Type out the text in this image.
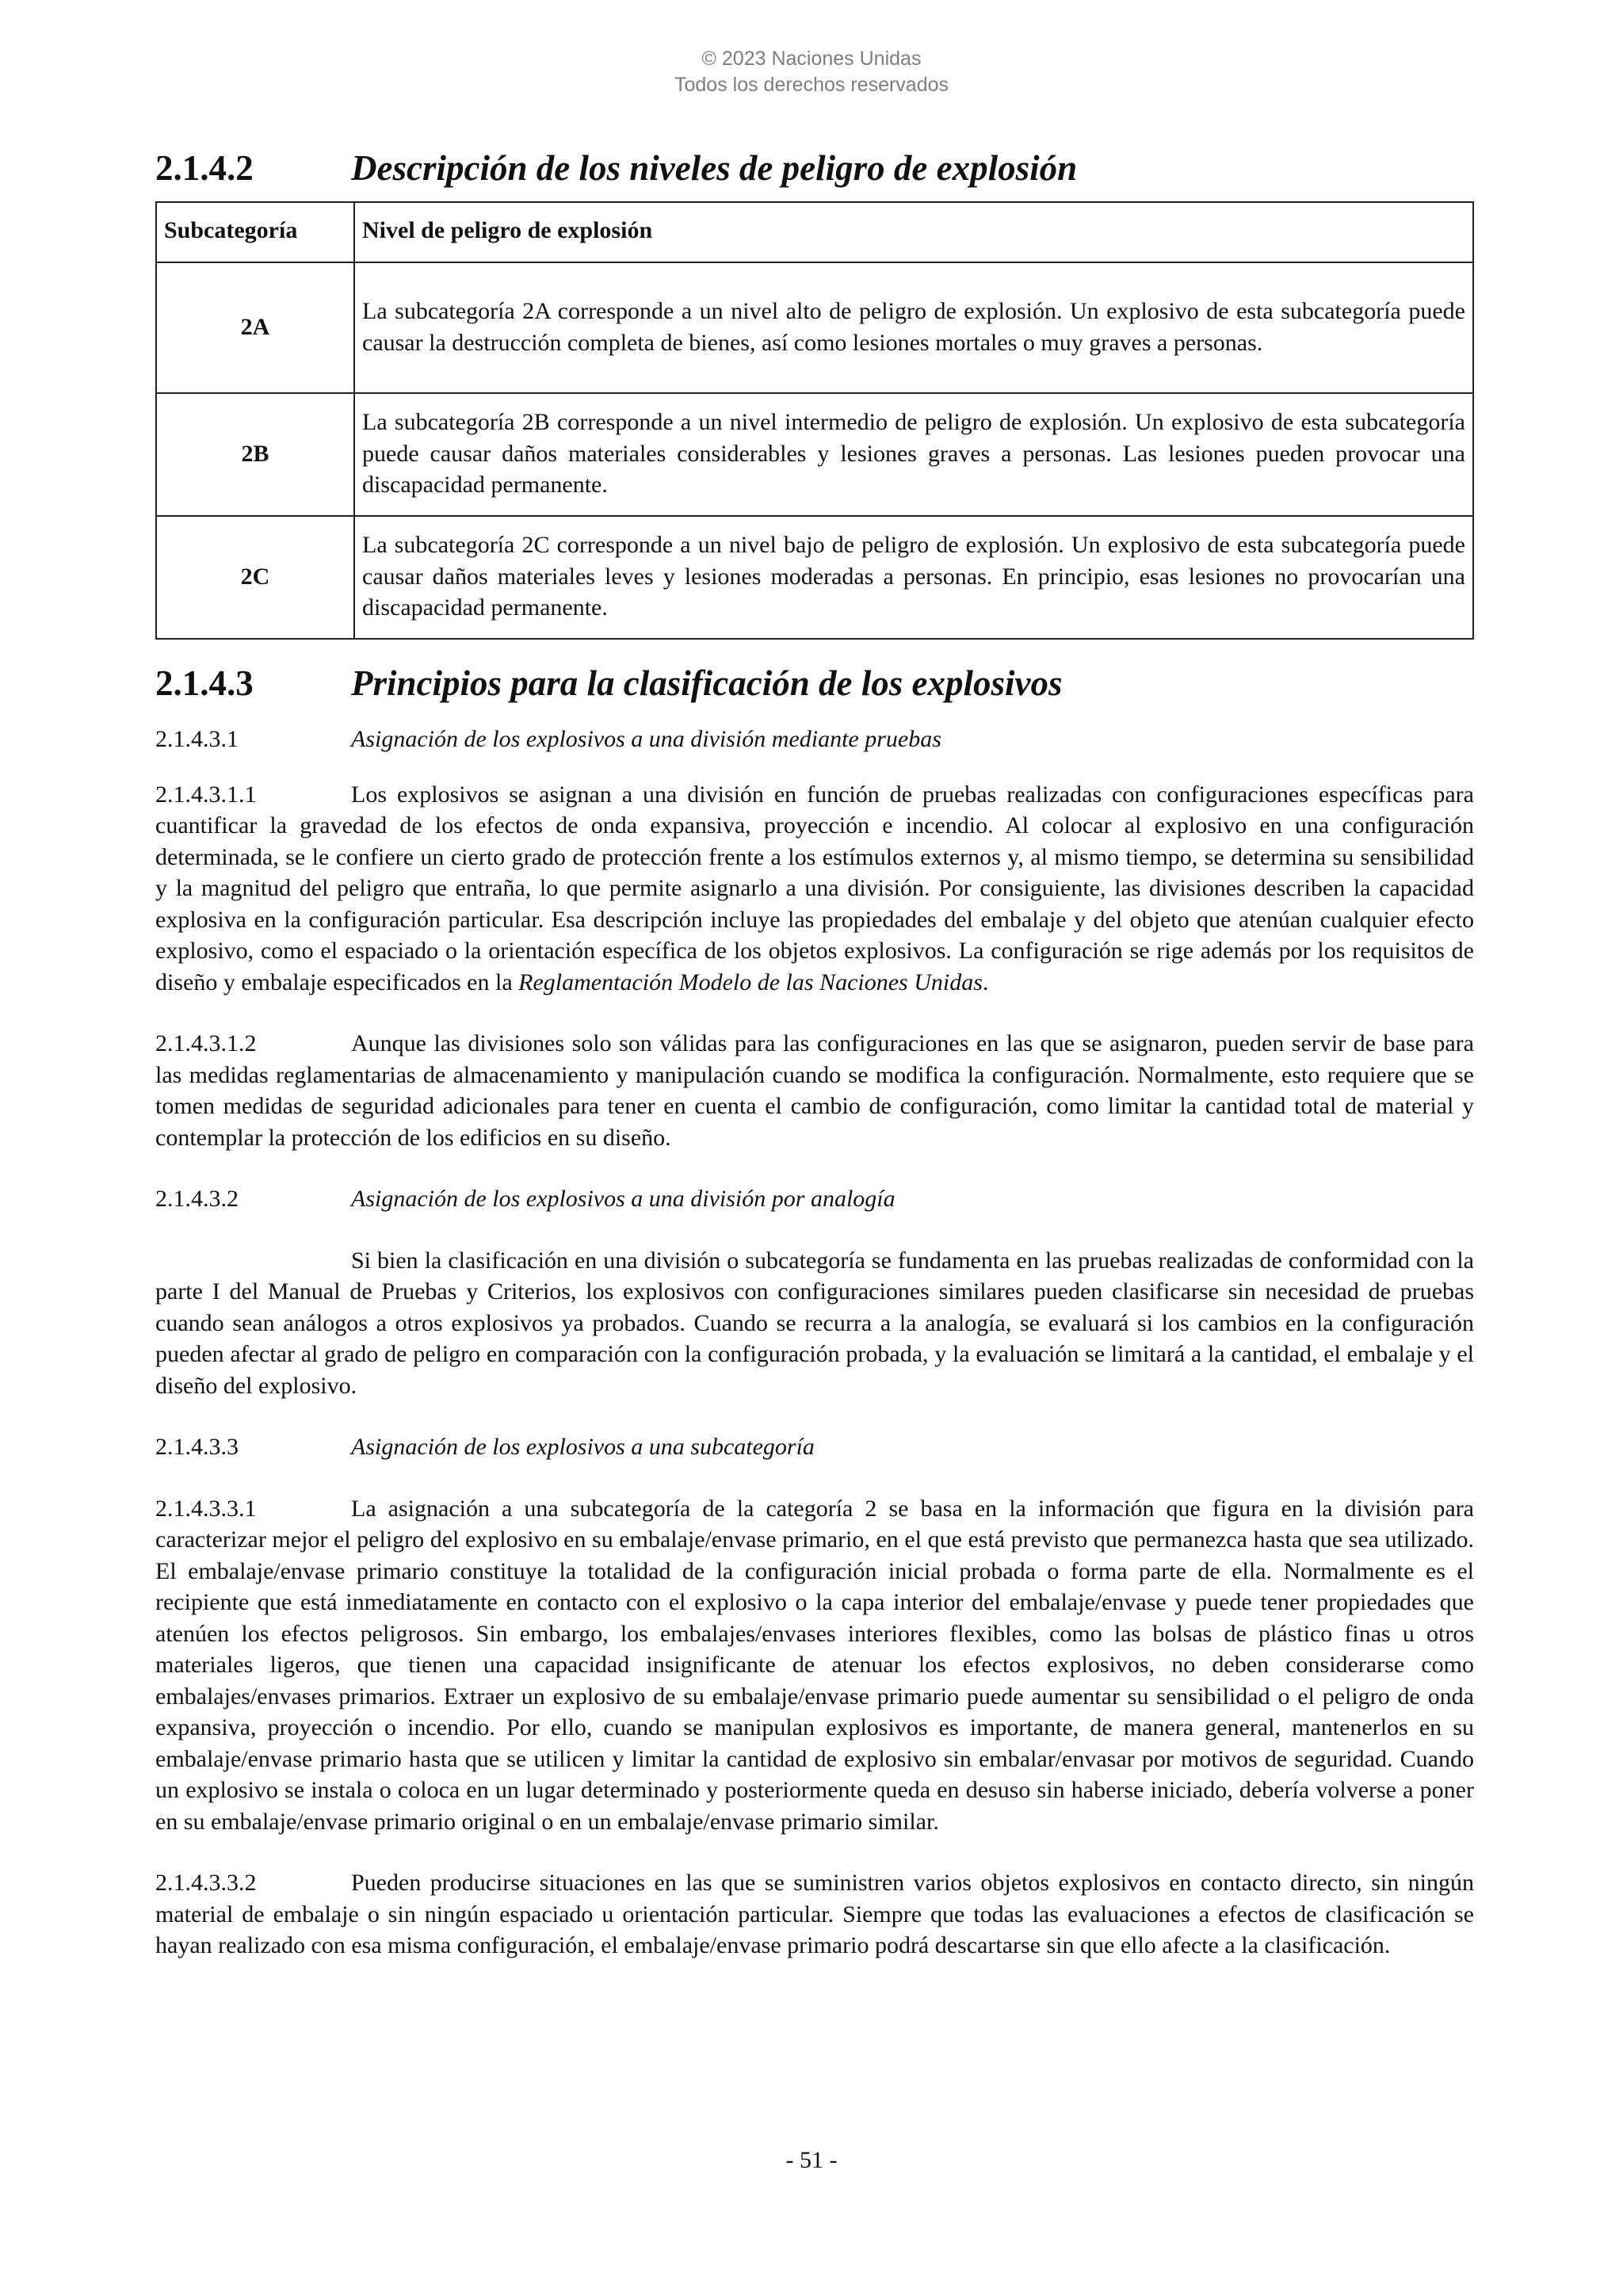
© 2023 Naciones Unidas
Todos los derechos reservados
2.1.4.2	Descripción de los niveles de peligro de explosión
Subcategoría	Nivel de peligro de explosión
2A	La subcategoría 2A corresponde a un nivel alto de peligro de explosión. Un explosivo de esta subcategoría puede causar la destrucción completa de bienes, así como lesiones mortales o muy graves a personas.
2B	La subcategoría 2B corresponde a un nivel intermedio de peligro de explosión. Un explosivo de esta subcategoría puede causar daños materiales considerables y lesiones graves a personas. Las lesiones pueden provocar una discapacidad permanente.
2C	La subcategoría 2C corresponde a un nivel bajo de peligro de explosión. Un explosivo de esta subcategoría puede causar daños materiales leves y lesiones moderadas a personas. En principio, esas lesiones no provocarían una discapacidad permanente.
2.1.4.3	Principios para la clasificación de los explosivos
2.1.4.3.1	Asignación de los explosivos a una división mediante pruebas

2.1.4.3.1.1	Los explosivos se asignan a una división en función de pruebas realizadas con configuraciones específicas para cuantificar la gravedad de los efectos de onda expansiva, proyección e incendio. Al colocar al explosivo en una configuración determinada, se le confiere un cierto grado de protección frente a los estímulos externos y, al mismo tiempo, se determina su sensibilidad y la magnitud del peligro que entraña, lo que permite asignarlo a una división. Por consiguiente, las divisiones describen la capacidad explosiva en la configuración particular. Esa descripción incluye las propiedades del embalaje y del objeto que atenúan cualquier efecto explosivo, como el espaciado o la orientación específica de los objetos explosivos. La configuración se rige además por los requisitos de diseño y embalaje especificados en la Reglamentación Modelo de las Naciones Unidas.

2.1.4.3.1.2	Aunque las divisiones solo son válidas para las configuraciones en las que se asignaron, pueden servir de base para las medidas reglamentarias de almacenamiento y manipulación cuando se modifica la configuración. Normalmente, esto requiere que se tomen medidas de seguridad adicionales para tener en cuenta el cambio de configuración, como limitar la cantidad total de material y contemplar la protección de los edificios en su diseño.

2.1.4.3.2	Asignación de los explosivos a una división por analogía

Si bien la clasificación en una división o subcategoría se fundamenta en las pruebas realizadas de conformidad con la parte I del Manual de Pruebas y Criterios, los explosivos con configuraciones similares pueden clasificarse sin necesidad de pruebas cuando sean análogos a otros explosivos ya probados. Cuando se recurra a la analogía, se evaluará si los cambios en la configuración pueden afectar al grado de peligro en comparación con la configuración probada, y la evaluación se limitará a la cantidad, el embalaje y el diseño del explosivo.

2.1.4.3.3	Asignación de los explosivos a una subcategoría

2.1.4.3.3.1	La asignación a una subcategoría de la categoría 2 se basa en la información que figura en la división para caracterizar mejor el peligro del explosivo en su embalaje/envase primario, en el que está previsto que permanezca hasta que sea utilizado. El embalaje/envase primario constituye la totalidad de la configuración inicial probada o forma parte de ella. Normalmente es el recipiente que está inmediatamente en contacto con el explosivo o la capa interior del embalaje/envase y puede tener propiedades que atenúen los efectos peligrosos. Sin embargo, los embalajes/envases interiores flexibles, como las bolsas de plástico finas u otros materiales ligeros, que tienen una capacidad insignificante de atenuar los efectos explosivos, no deben considerarse como embalajes/envases primarios. Extraer un explosivo de su embalaje/envase primario puede aumentar su sensibilidad o el peligro de onda expansiva, proyección o incendio. Por ello, cuando se manipulan explosivos es importante, de manera general, mantenerlos en su embalaje/envase primario hasta que se utilicen y limitar la cantidad de explosivo sin embalar/envasar por motivos de seguridad. Cuando un explosivo se instala o coloca en un lugar determinado y posteriormente queda en desuso sin haberse iniciado, debería volverse a poner en su embalaje/envase primario original o en un embalaje/envase primario similar.

2.1.4.3.3.2	Pueden producirse situaciones en las que se suministren varios objetos explosivos en contacto directo, sin ningún material de embalaje o sin ningún espaciado u orientación particular. Siempre que todas las evaluaciones a efectos de clasificación se hayan realizado con esa misma configuración, el embalaje/envase primario podrá descartarse sin que ello afecte a la clasificación.

- 51 -
